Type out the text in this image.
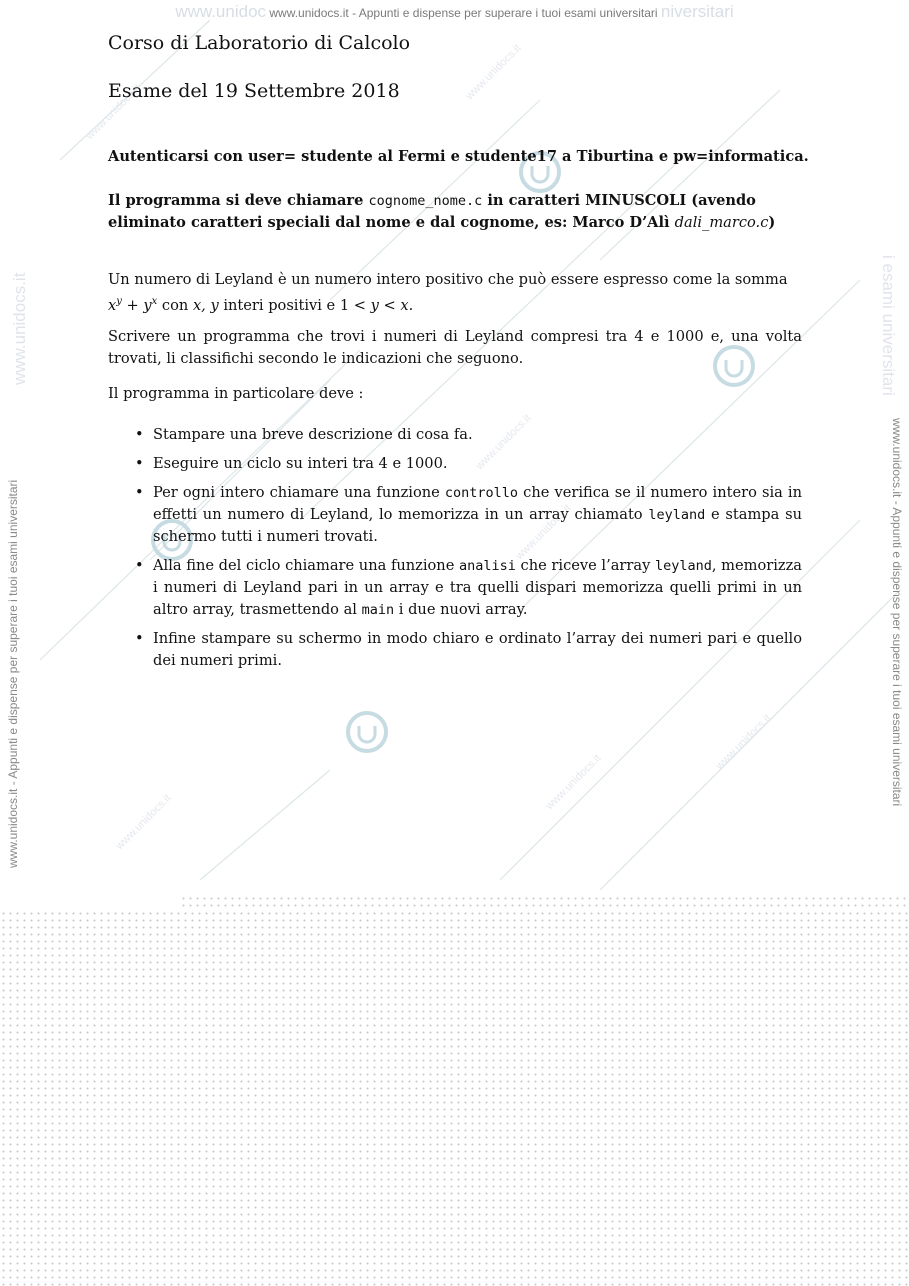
www.unidocs.it
www.unidocs.it
www.unidocs.it
www.unidocs.it
www.unidocs.it
www.unidocs.it
www.unidocs.it
www.unidoc www.unidocs.it - Appunti e dispense per superare i tuoi esami universitari niversitari
www.unidocs.it - Appunti e dispense per superare i tuoi esami universitari	www.unidocs.it - Appunti e dispense per superare i tuoi esami universitari
www.unidocs.it	i esami universitari
Corso di Laboratorio di Calcolo
Esame del 19 Settembre 2018
Autenticarsi con user= studente al Fermi e studente17 a Tiburtina e pw=informatica.
Il programma si deve chiamare cognome_nome.c in caratteri MINUSCOLI (avendo eliminato caratteri speciali dal nome e dal cognome, es: Marco D’Alì dali_marco.c)
Un numero di Leyland è un numero intero positivo che può essere espresso come la somma
$x^y + y^x$ con x, y interi positivi e 1 < y < x.
Scrivere un programma che trovi i numeri di Leyland compresi tra 4 e 1000 e, una volta trovati, li classifichi secondo le indicazioni che seguono.
Il programma in particolare deve :
• Stampare una breve descrizione di cosa fa.
• Eseguire un ciclo su interi tra 4 e 1000.
• Per ogni intero chiamare una funzione controllo che verifica se il numero intero sia in effetti un numero di Leyland, lo memorizza in un array chiamato leyland e stampa su schermo tutti i numeri trovati.
• Alla fine del ciclo chiamare una funzione analisi che riceve l’array leyland, memorizza i numeri di Leyland pari in un array e tra quelli dispari memorizza quelli primi in un altro array, trasmettendo al main i due nuovi array.
• Infine stampare su schermo in modo chiaro e ordinato l’array dei numeri pari e quello dei numeri primi.
